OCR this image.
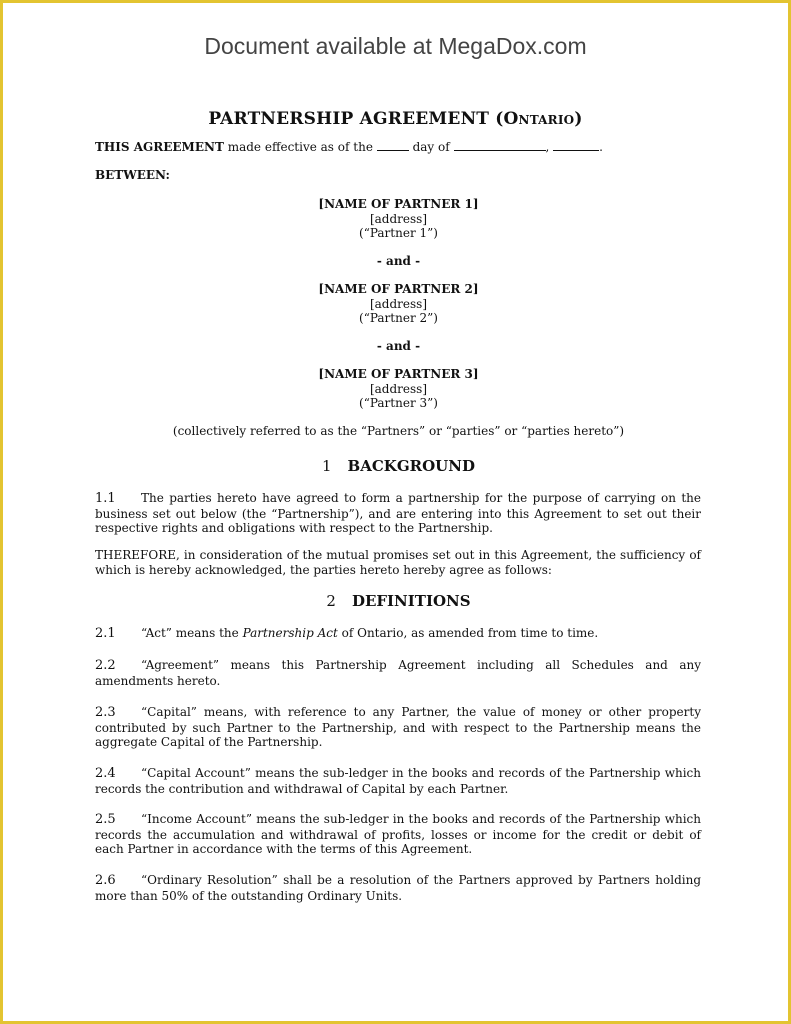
Document available at MegaDox.com
PARTNERSHIP AGREEMENT (Ontario)
THIS AGREEMENT made effective as of the	day of	,	.
BETWEEN:
[NAME OF PARTNER 1]
[address]
(“Partner 1”)
- and -
[NAME OF PARTNER 2]
[address]
(“Partner 2”)
- and -
[NAME OF PARTNER 3]
[address]
(“Partner 3”)
(collectively referred to as the “Partners” or “parties” or “parties hereto”)
1 BACKGROUND
1.1 The parties hereto have agreed to form a partnership for the purpose of carrying on the business set out below (the “Partnership”), and are entering into this Agreement to set out their respective rights and obligations with respect to the Partnership.
THEREFORE, in consideration of the mutual promises set out in this Agreement, the sufficiency of which is hereby acknowledged, the parties hereto hereby agree as follows:
2 DEFINITIONS
2.1 “Act” means the Partnership Act of Ontario, as amended from time to time.
2.2 “Agreement” means this Partnership Agreement including all Schedules and any amendments hereto.
2.3 “Capital” means, with reference to any Partner, the value of money or other property contributed by such Partner to the Partnership, and with respect to the Partnership means the aggregate Capital of the Partnership.
2.4 “Capital Account” means the sub-ledger in the books and records of the Partnership which records the contribution and withdrawal of Capital by each Partner.
2.5 “Income Account” means the sub-ledger in the books and records of the Partnership which records the accumulation and withdrawal of profits, losses or income for the credit or debit of each Partner in accordance with the terms of this Agreement.
2.6 “Ordinary Resolution” shall be a resolution of the Partners approved by Partners holding more than 50% of the outstanding Ordinary Units.
